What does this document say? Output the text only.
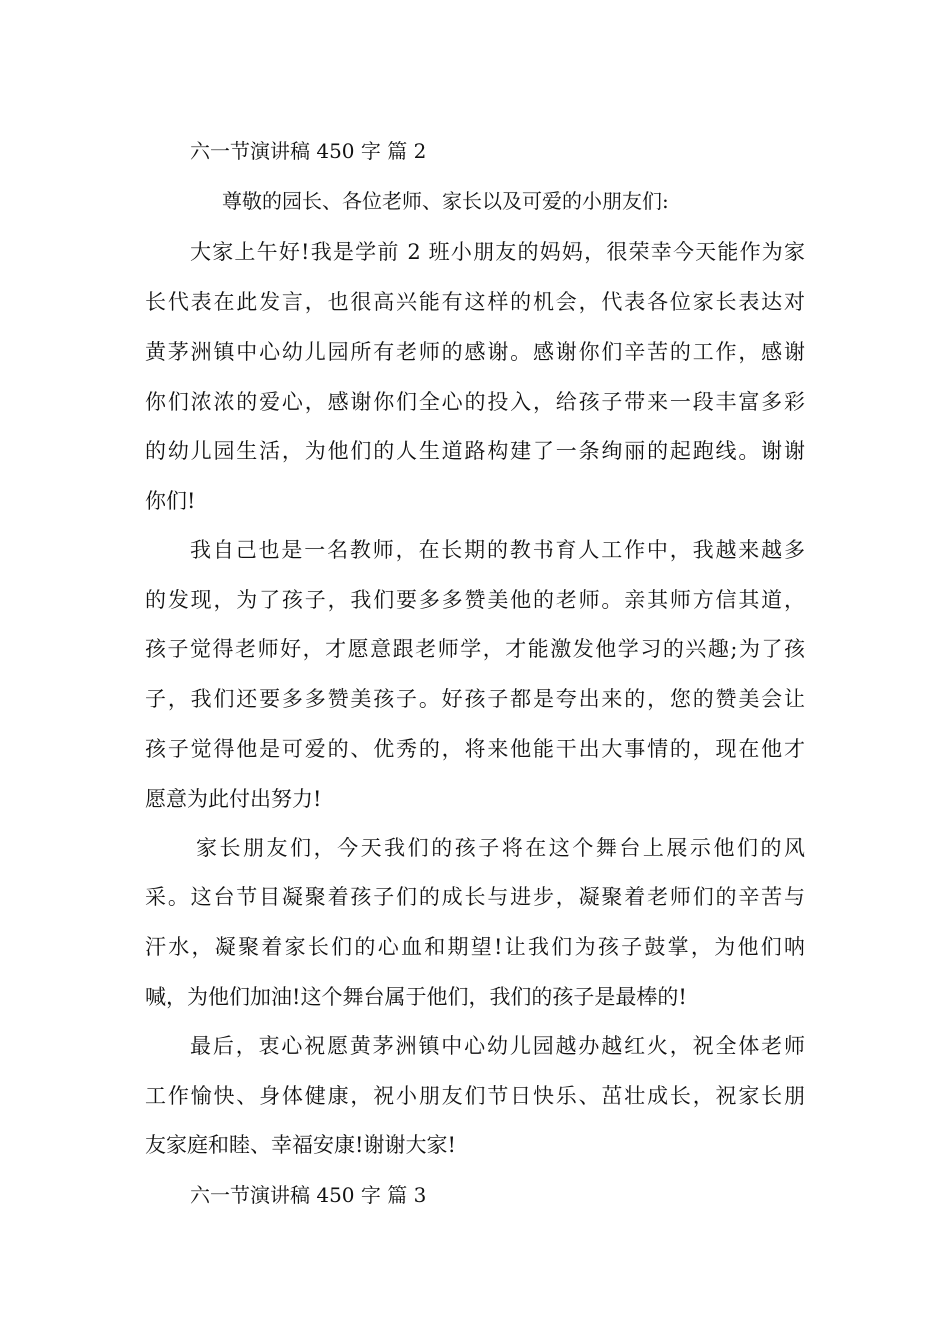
六一节演讲稿 450 字 篇 2
尊敬的园长、各位老师、家长以及可爱的小朋友们:
大家上午好!我是学前 2 班小朋友的妈妈，很荣幸今天能作为家
长代表在此发言，也很高兴能有这样的机会，代表各位家长表达对
黄茅洲镇中心幼儿园所有老师的感谢。感谢你们辛苦的工作，感谢
你们浓浓的爱心，感谢你们全心的投入，给孩子带来一段丰富多彩
的幼儿园生活，为他们的人生道路构建了一条绚丽的起跑线。谢谢
你们!
我自己也是一名教师，在长期的教书育人工作中，我越来越多
的发现，为了孩子，我们要多多赞美他的老师。亲其师方信其道，
孩子觉得老师好，才愿意跟老师学，才能激发他学习的兴趣;为了孩
子，我们还要多多赞美孩子。好孩子都是夸出来的，您的赞美会让
孩子觉得他是可爱的、优秀的，将来他能干出大事情的，现在他才
愿意为此付出努力!
家长朋友们，今天我们的孩子将在这个舞台上展示他们的风
采。这台节目凝聚着孩子们的成长与进步，凝聚着老师们的辛苦与
汗水，凝聚着家长们的心血和期望!让我们为孩子鼓掌，为他们呐
喊，为他们加油!这个舞台属于他们，我们的孩子是最棒的!
最后，衷心祝愿黄茅洲镇中心幼儿园越办越红火，祝全体老师
工作愉快、身体健康，祝小朋友们节日快乐、茁壮成长，祝家长朋
友家庭和睦、幸福安康!谢谢大家!
六一节演讲稿 450 字 篇 3
